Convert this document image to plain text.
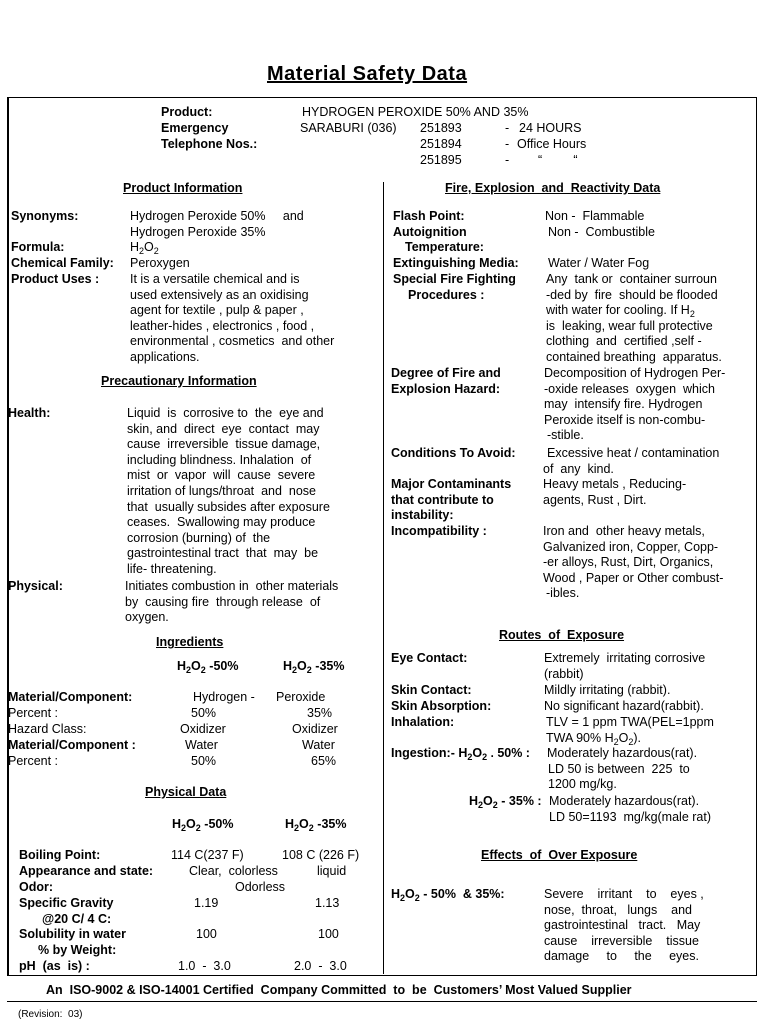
Material Safety Data
Product:	HYDROGEN PEROXIDE 50% AND 35%
Emergency
Telephone Nos.:
SARABURI (036) 251893	- 24 HOURS
251894	- Office Hours
251895	- “         “
Product Information
Synonyms:	Hydrogen Peroxide 50%     and
Hydrogen Peroxide 35%
Formula:	$H_2O_2$
Chemical Family: Peroxygen
Product Uses : It is a versatile chemical and is
used extensively as an oxidising
agent for textile , pulp & paper ,
leather-hides , electronics , food ,
environmental , cosmetics  and other
applications.
Precautionary Information
Health:	Liquid  is  corrosive to  the  eye and
skin, and  direct  eye  contact  may
cause  irreversible  tissue damage,
including blindness. Inhalation  of
mist  or  vapor  will  cause  severe
irritation of lungs/throat  and  nose
that  usually subsides after exposure
ceases.  Swallowing may produce
corrosion (burning) of  the
gastrointestinal tract  that  may  be
life- threatening.
Physical:	Initiates combustion in  other materials
by  causing fire  through release  of
oxygen.
Ingredients
$H_2O_2$ -50%	$H_2O_2$ -35%
Material/Component:	Hydrogen - Peroxide
Percent :	50%	35%
Hazard Class:	Oxidizer	Oxidizer
Material/Component :	Water	Water
Percent :	50%	65%
Physical Data
$H_2O_2$ -50%	$H_2O_2$ -35%
Boiling Point:	114 C(237 F)	108 C (226 F)
Appearance and state:	Clear,  colorless	liquid
Odor:	Odorless
Specific Gravity
@20 C/ 4 C:
1.19	1.13
Solubility in water
% by Weight:
100	100
pH  (as  is) :	1.0  -  3.0	2.0  -  3.0
Fire, Explosion  and  Reactivity Data
Flash Point:	Non -  Flammable
Autoignition
Temperature:
Non -  Combustible
Extinguishing Media: Water / Water Fog
Special Fire Fighting
Procedures :
Any  tank or  container surroun
-ded by  fire  should be flooded
with water for cooling. If $H_2$
is  leaking, wear full protective
clothing  and  certified ,self -
contained breathing  apparatus.
Degree of Fire and
Explosion Hazard:
Decomposition of Hydrogen Per-
-oxide releases  oxygen  which
may  intensify fire. Hydrogen
Peroxide itself is non-combu-
-stible.
Conditions To Avoid:	Excessive heat / contamination
of  any  kind.
Major Contaminants
that contribute to
instability:
Heavy metals , Reducing-
agents, Rust , Dirt.
Incompatibility :	Iron and  other heavy metals,
Galvanized iron, Copper, Copp-
-er alloys, Rust, Dirt, Organics,
Wood , Paper or Other combust-
-ibles.
Routes  of  Exposure
Eye Contact:	Extremely  irritating corrosive
(rabbit)
Skin Contact:	Mildly irritating (rabbit).
Skin Absorption:	No significant hazard(rabbit).
Inhalation:	TLV = 1 ppm TWA(PEL=1ppm
TWA 90% $H_2O_2$).
Ingestion:- $H_2O_2$ . 50% : Moderately hazardous(rat).
LD 50 is between  225  to
1200 mg/kg.
$H_2O_2 - 35\%$ : Moderately hazardous(rat).
LD 50=1193  mg/kg(male rat)
Effects  of  Over Exposure
$H_2O_2 - 50\%$  & 35%:	Severe    irritant    to    eyes ,
nose,  throat,   lungs    and
gastrointestinal   tract.   May
cause    irreversible    tissue
damage     to     the     eyes.
An  ISO-9002 & ISO-14001 Certified  Company Committed  to  be  Customers’ Most Valued Supplier
(Revision:  03)
